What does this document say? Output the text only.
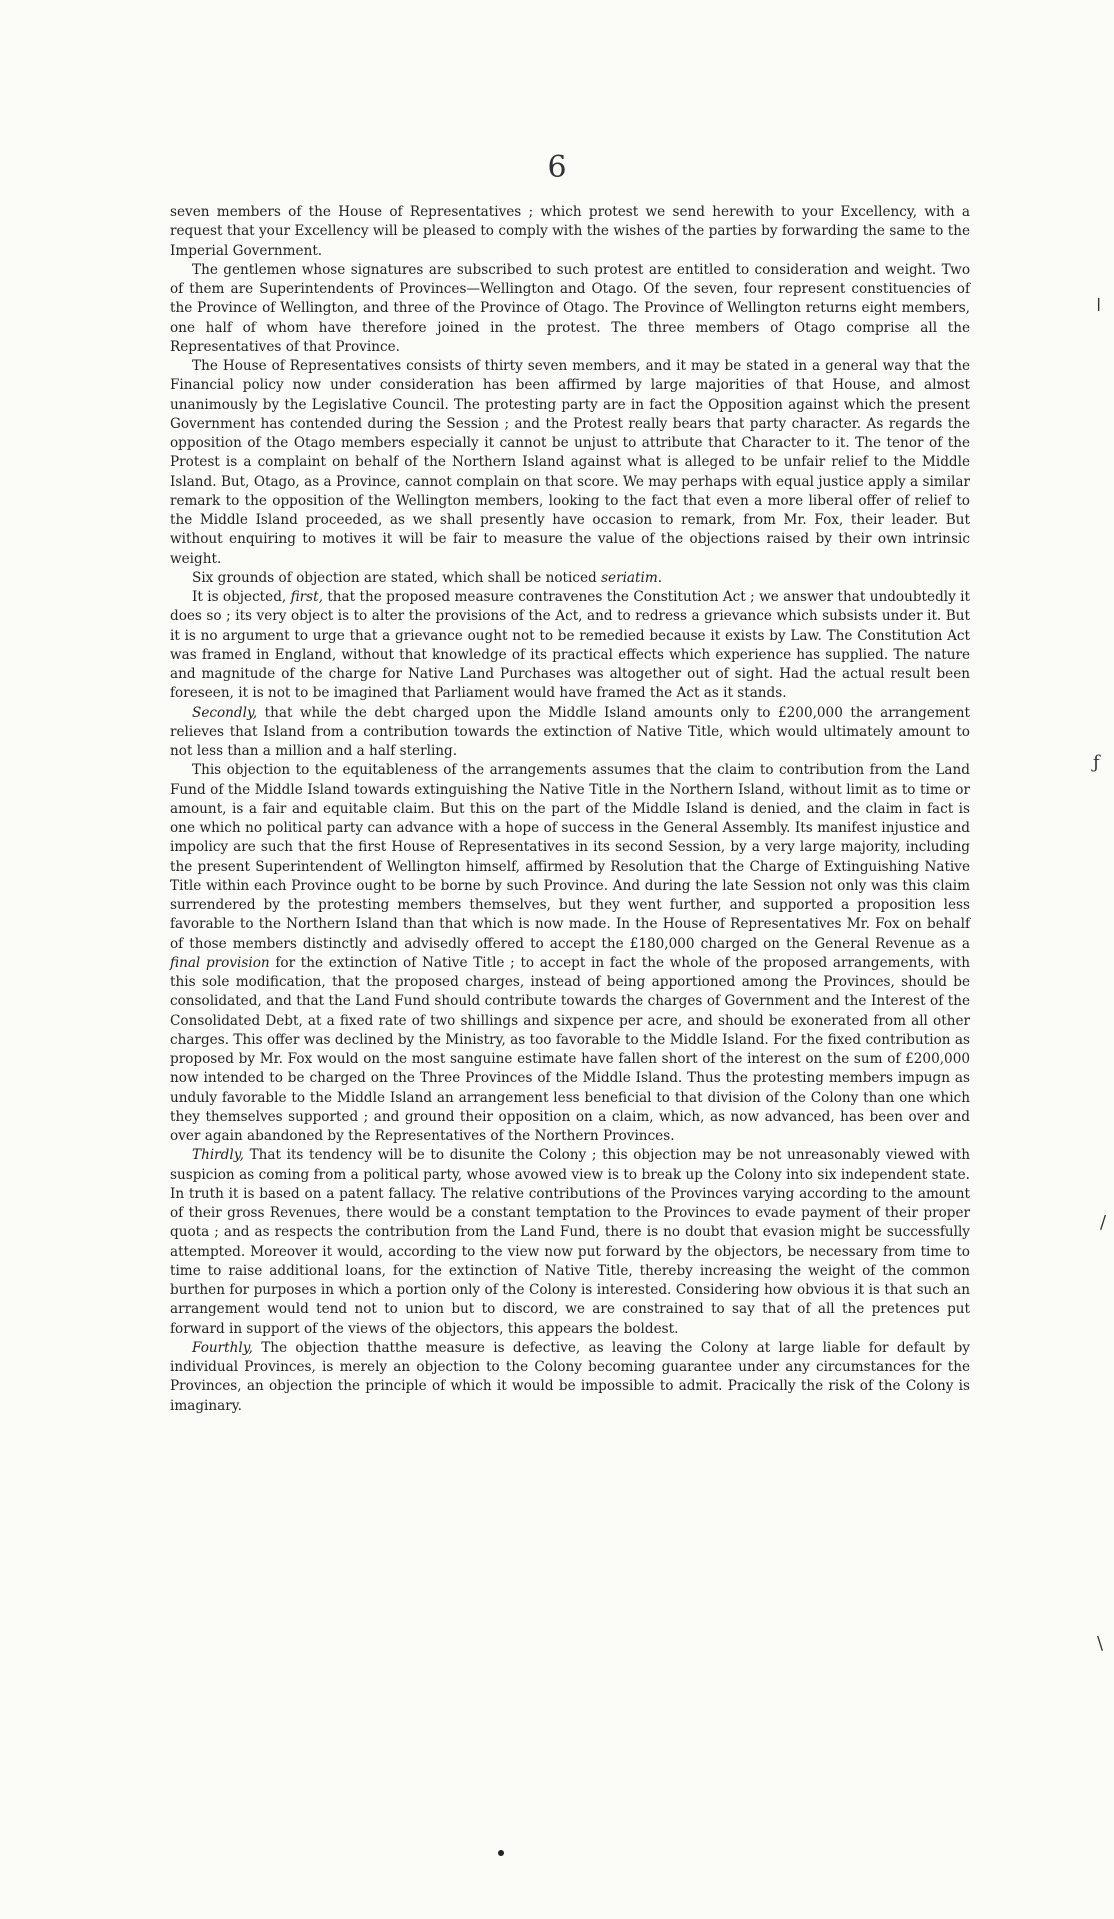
6

seven members of the House of Representatives ; which protest we send herewith to your Excellency, with a request that your Excellency will be pleased to comply with the wishes of the parties by forwarding the same to the Imperial Government.

The gentlemen whose signatures are subscribed to such protest are entitled to consideration and weight. Two of them are Superintendents of Provinces—Wellington and Otago. Of the seven, four represent constituencies of the Province of Wellington, and three of the Province of Otago. The Province of Wellington returns eight members, one half of whom have therefore joined in the protest. The three members of Otago comprise all the Representatives of that Province.

The House of Representatives consists of thirty seven members, and it may be stated in a general way that the Financial policy now under consideration has been affirmed by large majorities of that House, and almost unanimously by the Legislative Council. The protesting party are in fact the Opposition against which the present Government has contended during the Session ; and the Protest really bears that party character. As regards the opposition of the Otago members especially it cannot be unjust to attribute that Character to it. The tenor of the Protest is a complaint on behalf of the Northern Island against what is alleged to be unfair relief to the Middle Island. But, Otago, as a Province, cannot complain on that score. We may perhaps with equal justice apply a similar remark to the opposition of the Wellington members, looking to the fact that even a more liberal offer of relief to the Middle Island proceeded, as we shall presently have occasion to remark, from Mr. Fox, their leader. But without enquiring to motives it will be fair to measure the value of the objections raised by their own intrinsic weight.

Six grounds of objection are stated, which shall be noticed seriatim.

It is objected, first, that the proposed measure contravenes the Constitution Act ; we answer that undoubtedly it does so ; its very object is to alter the provisions of the Act, and to redress a grievance which subsists under it. But it is no argument to urge that a grievance ought not to be remedied because it exists by Law. The Constitution Act was framed in England, without that knowledge of its practical effects which experience has supplied. The nature and magnitude of the charge for Native Land Purchases was altogether out of sight. Had the actual result been foreseen, it is not to be imagined that Parliament would have framed the Act as it stands.

Secondly, that while the debt charged upon the Middle Island amounts only to £200,000 the arrangement relieves that Island from a contribution towards the extinction of Native Title, which would ultimately amount to not less than a million and a half sterling.

This objection to the equitableness of the arrangements assumes that the claim to contribution from the Land Fund of the Middle Island towards extinguishing the Native Title in the Northern Island, without limit as to time or amount, is a fair and equitable claim. But this on the part of the Middle Island is denied, and the claim in fact is one which no political party can advance with a hope of success in the General Assembly. Its manifest injustice and impolicy are such that the first House of Representatives in its second Session, by a very large majority, including the present Superintendent of Wellington himself, affirmed by Resolution that the Charge of Extinguishing Native Title within each Province ought to be borne by such Province. And during the late Session not only was this claim surrendered by the protesting members themselves, but they went further, and supported a proposition less favorable to the Northern Island than that which is now made. In the House of Representatives Mr. Fox on behalf of those members distinctly and advisedly offered to accept the £180,000 charged on the General Revenue as a final provision for the extinction of Native Title ; to accept in fact the whole of the proposed arrangements, with this sole modification, that the proposed charges, instead of being apportioned among the Provinces, should be consolidated, and that the Land Fund should contribute towards the charges of Government and the Interest of the Consolidated Debt, at a fixed rate of two shillings and sixpence per acre, and should be exonerated from all other charges. This offer was declined by the Ministry, as too favorable to the Middle Island. For the fixed contribution as proposed by Mr. Fox would on the most sanguine estimate have fallen short of the interest on the sum of £200,000 now intended to be charged on the Three Provinces of the Middle Island. Thus the protesting members impugn as unduly favorable to the Middle Island an arrangement less beneficial to that division of the Colony than one which they themselves supported ; and ground their opposition on a claim, which, as now advanced, has been over and over again abandoned by the Representatives of the Northern Provinces.

Thirdly, That its tendency will be to disunite the Colony ; this objection may be not unreasonably viewed with suspicion as coming from a political party, whose avowed view is to break up the Colony into six independent state. In truth it is based on a patent fallacy. The relative contributions of the Provinces varying according to the amount of their gross Revenues, there would be a constant temptation to the Provinces to evade payment of their proper quota ; and as respects the contribution from the Land Fund, there is no doubt that evasion might be successfully attempted. Moreover it would, according to the view now put forward by the objectors, be necessary from time to time to raise additional loans, for the extinction of Native Title, thereby increasing the weight of the common burthen for purposes in which a portion only of the Colony is interested. Considering how obvious it is that such an arrangement would tend not to union but to discord, we are constrained to say that of all the pretences put forward in support of the views of the objectors, this appears the boldest.

Fourthly, The objection thatthe measure is defective, as leaving the Colony at large liable for default by individual Provinces, is merely an objection to the Colony becoming guarantee under any circumstances for the Provinces, an objection the principle of which it would be impossible to admit. Pracically the risk of the Colony is imaginary.

ǀ
ƒ
/
\
